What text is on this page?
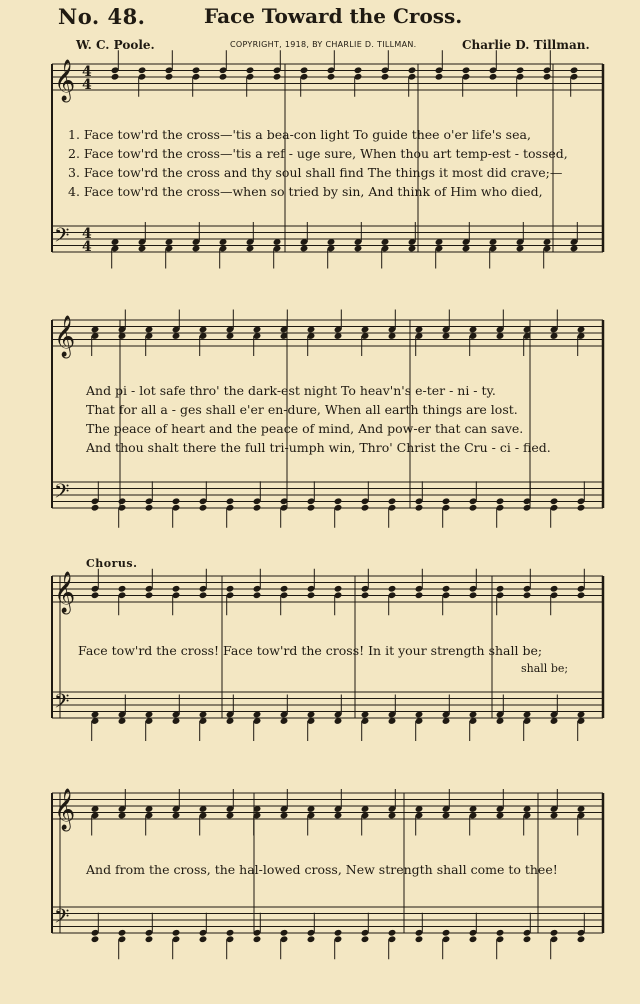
No. 48.	Face Toward the Cross.
W. C. Poole.	COPYRIGHT, 1918, BY CHARLIE D. TILLMAN.	Charlie D. Tillman.
𝄞
𝄢
4
4
4
4
𝄞
𝄢
𝄞
𝄢
𝄞
𝄢
1. Face tow'rd the cross—'tis a bea-con light To guide thee o'er life's sea,
2. Face tow'rd the cross—'tis a ref - uge sure, When thou art temp-est - tossed,
3. Face tow'rd the cross and thy soul shall find The things it most did crave;—
4. Face tow'rd the cross—when so tried by sin, And think of Him who died,
And pi - lot safe thro' the dark-est night To heav'n's e-ter - ni - ty.
That for all a - ges shall e'er en-dure, When all earth things are lost.
The peace of heart and the peace of mind, And pow-er that can save.
And thou shalt there the full tri-umph win, Thro' Christ the Cru - ci - fied.
Chorus.
Face tow'rd the cross! Face tow'rd the cross! In it your strength shall be;
shall be;
And from the cross, the hal-lowed cross, New strength shall come to thee!
